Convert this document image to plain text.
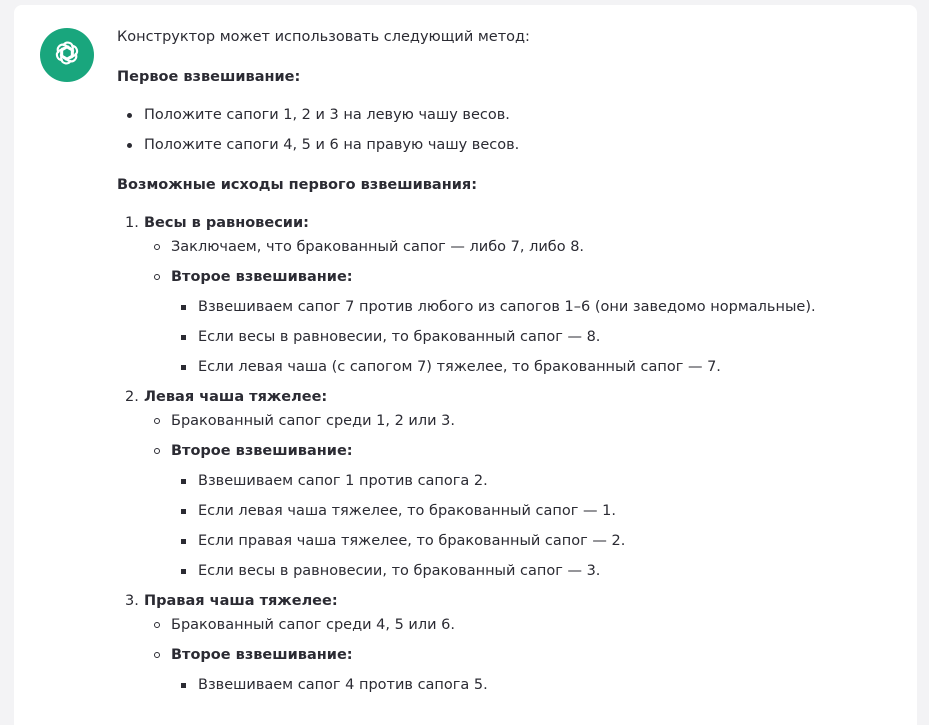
Конструктор может использовать следующий метод:

Первое взвешивание:

Положите сапоги 1, 2 и 3 на левую чашу весов.
Положите сапоги 4, 5 и 6 на правую чашу весов.

Возможные исходы первого взвешивания:

1. Весы в равновесии:
Заключаем, что бракованный сапог — либо 7, либо 8.
Второе взвешивание:
Взвешиваем сапог 7 против любого из сапогов 1–6 (они заведомо нормальные).
Если весы в равновесии, то бракованный сапог — 8.
Если левая чаша (с сапогом 7) тяжелее, то бракованный сапог — 7.
2. Левая чаша тяжелее:
Бракованный сапог среди 1, 2 или 3.
Второе взвешивание:
Взвешиваем сапог 1 против сапога 2.
Если левая чаша тяжелее, то бракованный сапог — 1.
Если правая чаша тяжелее, то бракованный сапог — 2.
Если весы в равновесии, то бракованный сапог — 3.
3. Правая чаша тяжелее:
Бракованный сапог среди 4, 5 или 6.
Второе взвешивание:
Взвешиваем сапог 4 против сапога 5.
